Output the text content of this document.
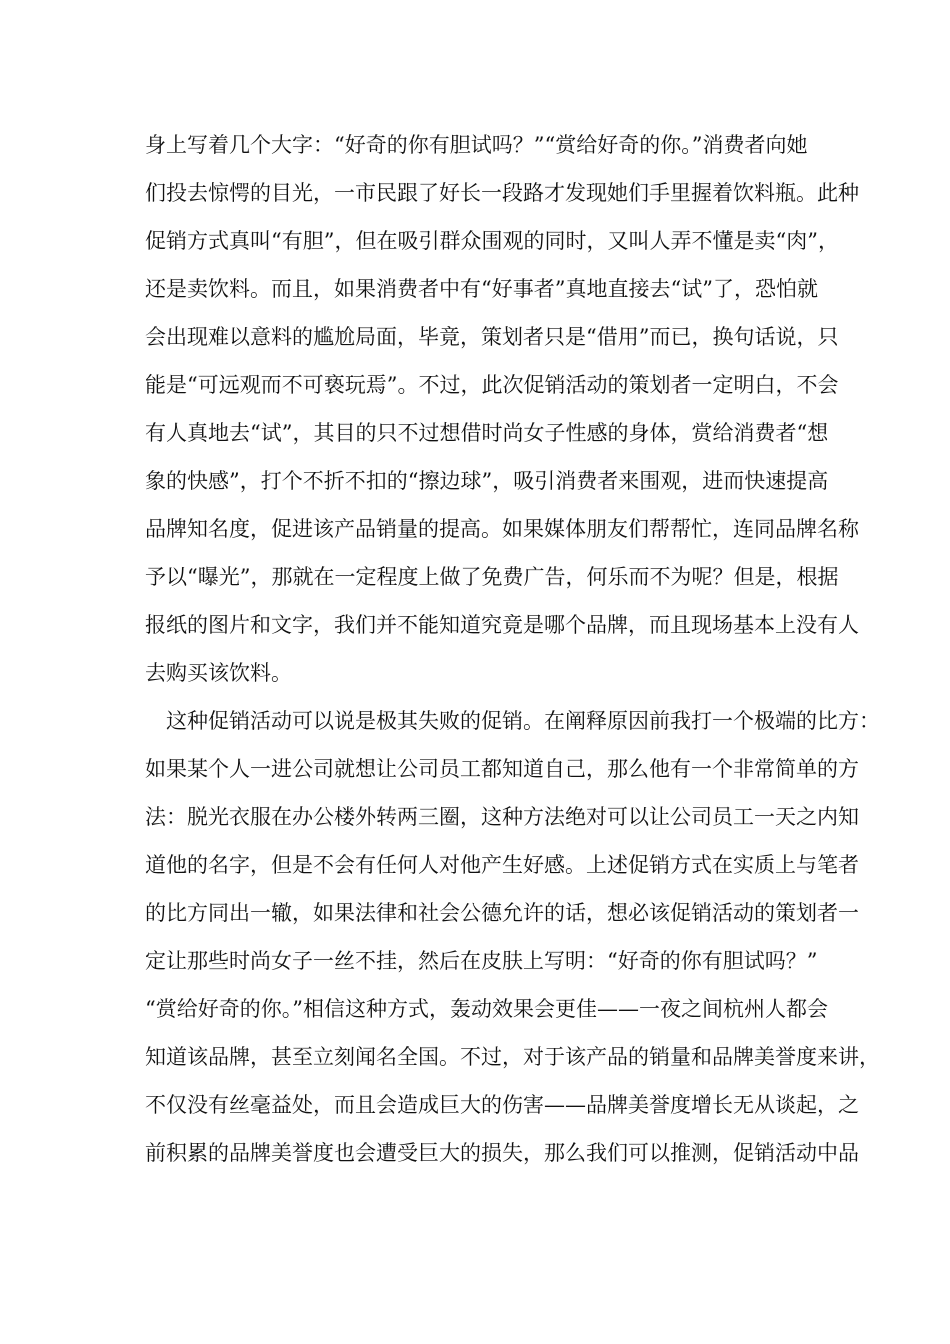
身上写着几个大字：“好奇的你有胆试吗？”“赏给好奇的你。”消费者向她
们投去惊愕的目光，一市民跟了好长一段路才发现她们手里握着饮料瓶。此种
促销方式真叫“有胆”，但在吸引群众围观的同时，又叫人弄不懂是卖“肉”，
还是卖饮料。而且，如果消费者中有“好事者”真地直接去“试”了，恐怕就
会出现难以意料的尴尬局面，毕竟，策划者只是“借用”而已，换句话说，只
能是“可远观而不可亵玩焉”。不过，此次促销活动的策划者一定明白，不会
有人真地去“试”，其目的只不过想借时尚女子性感的身体，赏给消费者“想
象的快感”，打个不折不扣的“擦边球”，吸引消费者来围观，进而快速提高
品牌知名度，促进该产品销量的提高。如果媒体朋友们帮帮忙，连同品牌名称
予以“曝光”，那就在一定程度上做了免费广告，何乐而不为呢？但是，根据
报纸的图片和文字，我们并不能知道究竟是哪个品牌，而且现场基本上没有人
去购买该饮料。
　这种促销活动可以说是极其失败的促销。在阐释原因前我打一个极端的比方：
如果某个人一进公司就想让公司员工都知道自己，那么他有一个非常简单的方
法：脱光衣服在办公楼外转两三圈，这种方法绝对可以让公司员工一天之内知
道他的名字，但是不会有任何人对他产生好感。上述促销方式在实质上与笔者
的比方同出一辙，如果法律和社会公德允许的话，想必该促销活动的策划者一
定让那些时尚女子一丝不挂，然后在皮肤上写明：“好奇的你有胆试吗？”
“赏给好奇的你。”相信这种方式，轰动效果会更佳——一夜之间杭州人都会
知道该品牌，甚至立刻闻名全国。不过，对于该产品的销量和品牌美誉度来讲，
不仅没有丝毫益处，而且会造成巨大的伤害——品牌美誉度增长无从谈起，之
前积累的品牌美誉度也会遭受巨大的损失，那么我们可以推测，促销活动中品
